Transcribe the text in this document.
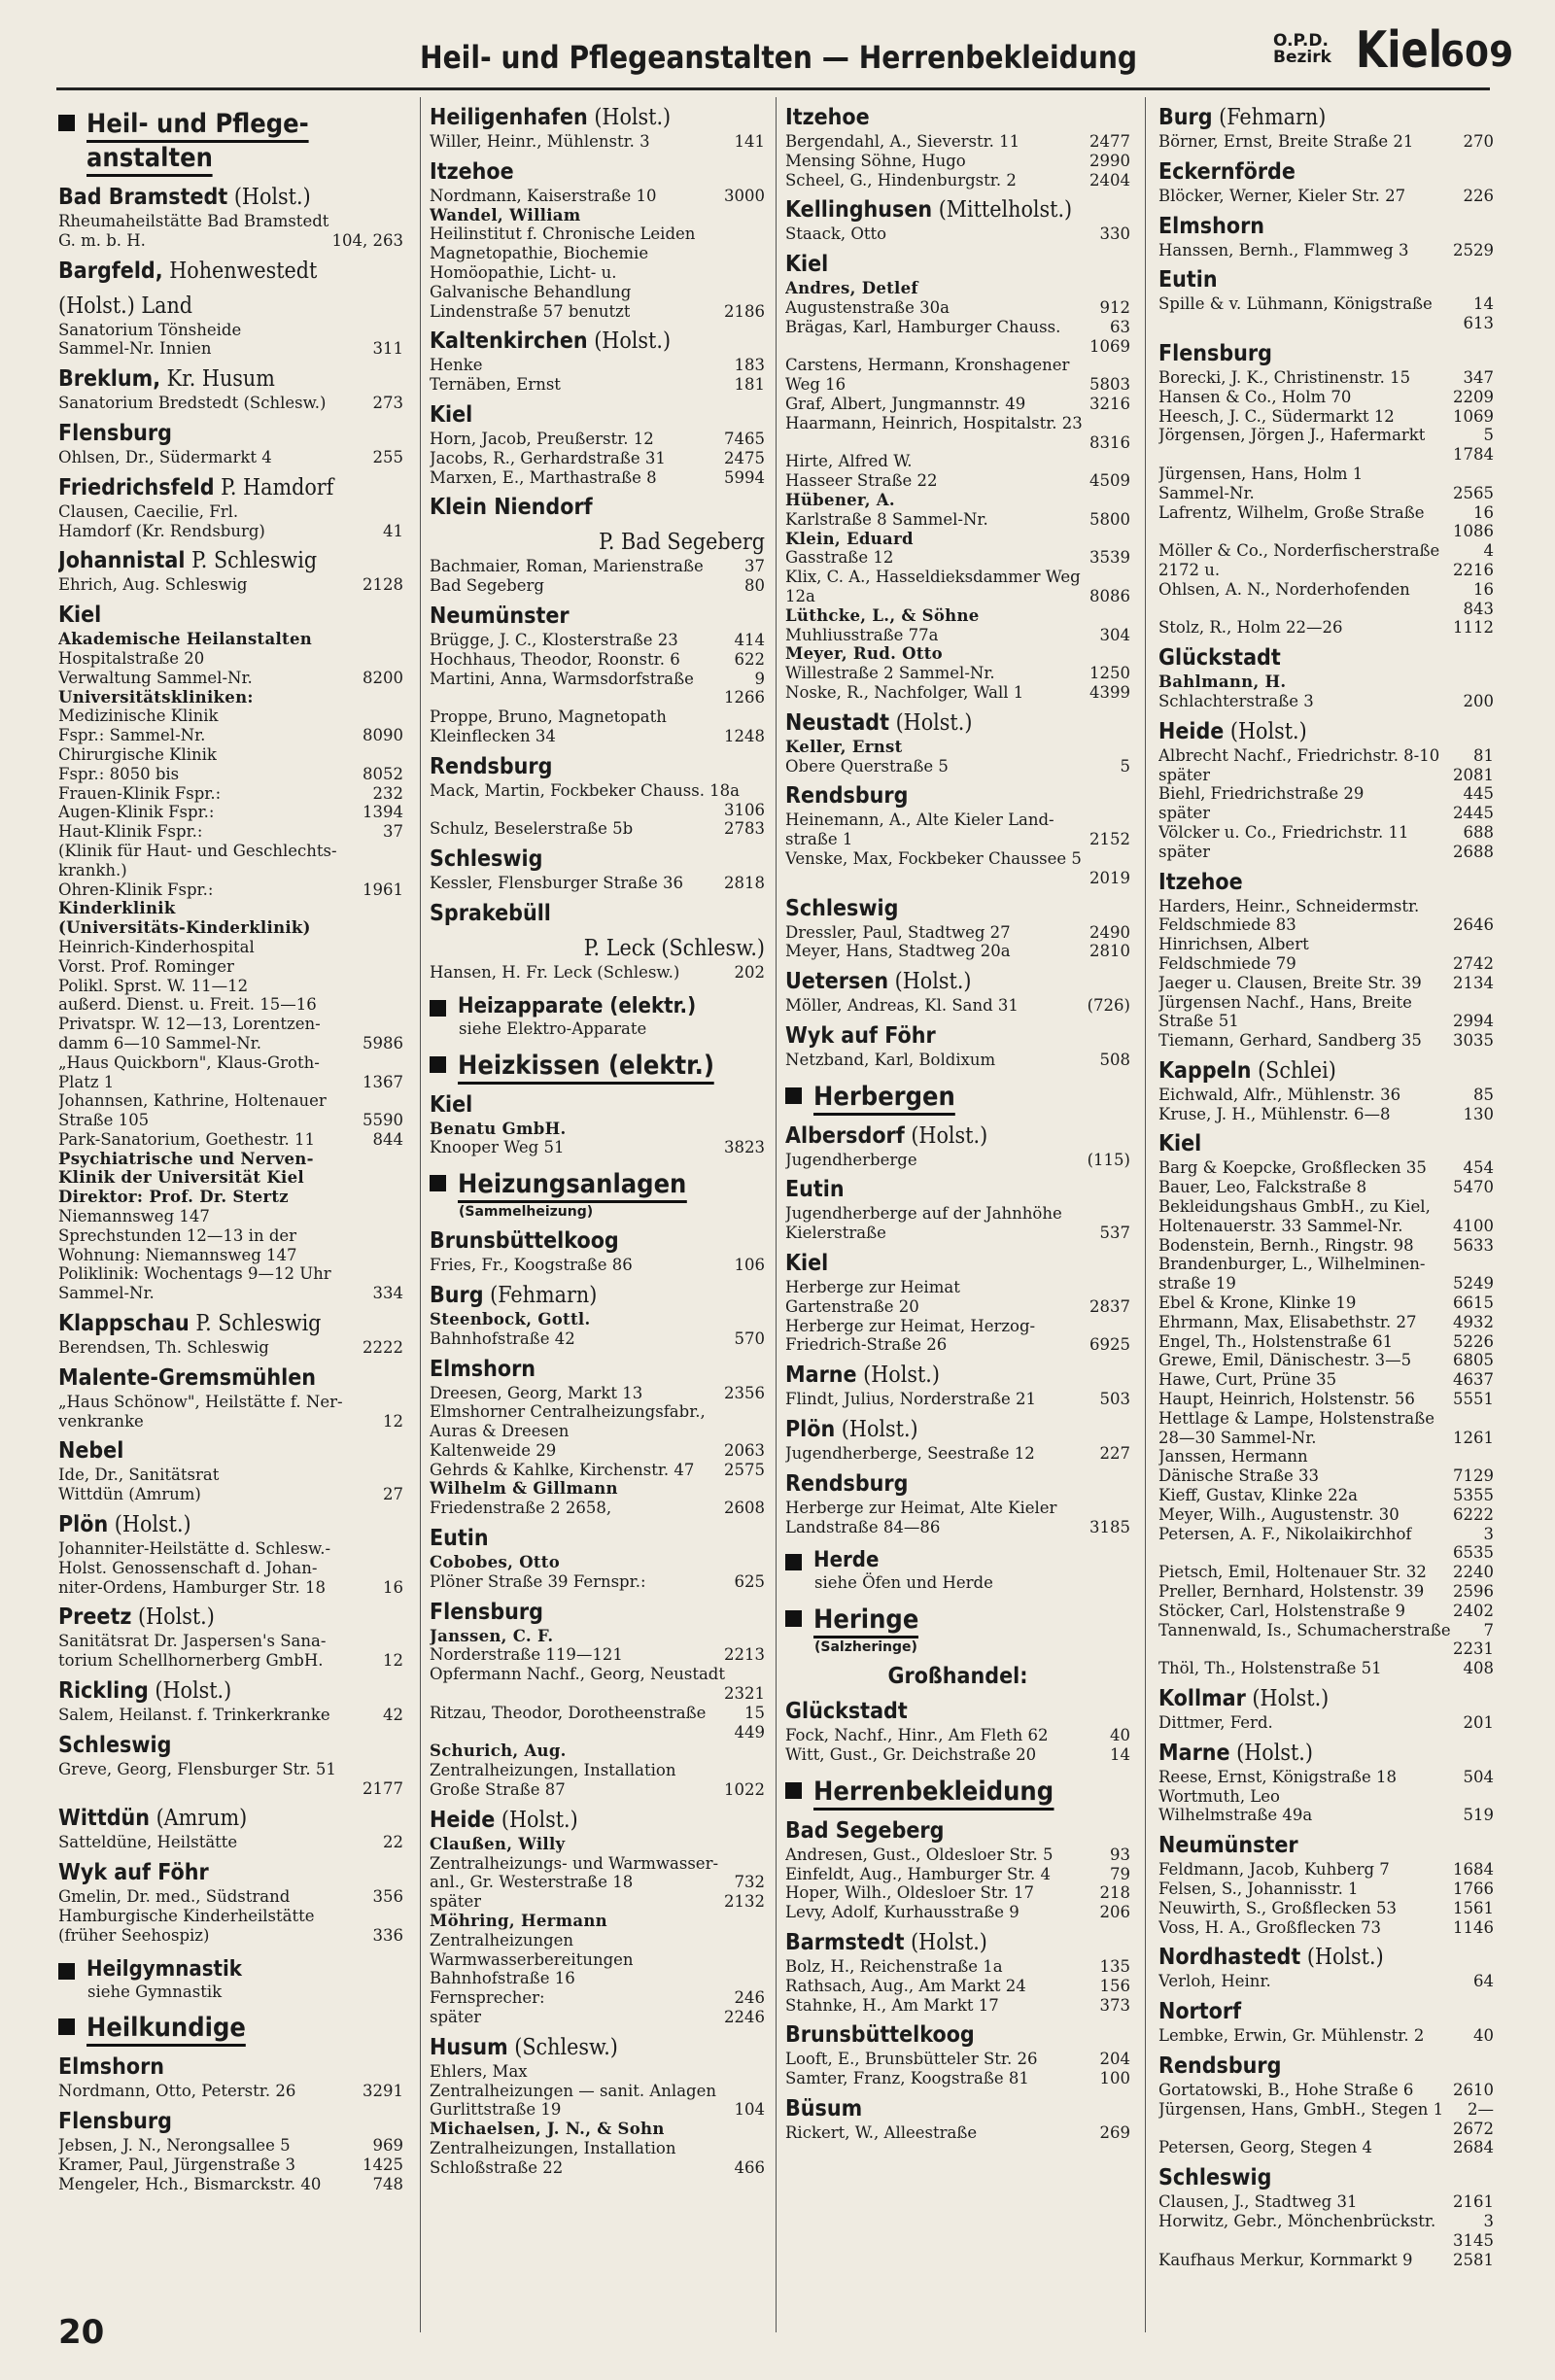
Heil- und Pflegeanstalten — Herrenbekleidung	O.P.D.
Bezirk Kiel
609
Heil- und Pflege-
anstalten
Bad Bramstedt (Holst.)
Rheumaheilstätte Bad Bramstedt
G. m. b. H.	104, 263
Bargfeld, Hohenwestedt
(Holst.) Land
Sanatorium Tönsheide
Sammel-Nr. Innien	311
Breklum, Kr. Husum
Sanatorium Bredstedt (Schlesw.)	273
Flensburg
Ohlsen, Dr., Südermarkt 4	255
Friedrichsfeld P. Hamdorf
Clausen, Caecilie, Frl.
Hamdorf (Kr. Rendsburg)	41
Johannistal P. Schleswig
Ehrich, Aug. Schleswig	2128
Kiel
Akademische Heilanstalten
Hospitalstraße 20
Verwaltung Sammel-Nr.	8200
Universitätskliniken:
Medizinische Klinik
Fspr.: Sammel-Nr.	8090
Chirurgische Klinik
Fspr.: 8050 bis	8052
Frauen-Klinik Fspr.:	232
Augen-Klinik Fspr.:	1394
Haut-Klinik Fspr.:	37
(Klinik für Haut- und Geschlechts-
krankh.)
Ohren-Klinik Fspr.:	1961
Kinderklinik
(Universitäts-Kinderklinik)
Heinrich-Kinderhospital
Vorst. Prof. Rominger
Polikl. Sprst. W. 11—12
außerd. Dienst. u. Freit. 15—16
Privatspr. W. 12—13, Lorentzen-
damm 6—10 Sammel-Nr.	5986
„Haus Quickborn", Klaus-Groth-
Platz 1	1367
Johannsen, Kathrine, Holtenauer
Straße 105	5590
Park-Sanatorium, Goethestr. 11	844
Psychiatrische und Nerven-
Klinik der Universität Kiel
Direktor: Prof. Dr. Stertz
Niemannsweg 147
Sprechstunden 12—13 in der
Wohnung: Niemannsweg 147
Poliklinik: Wochentags 9—12 Uhr
Sammel-Nr.	334
Klappschau P. Schleswig
Berendsen, Th. Schleswig	2222
Malente-Gremsmühlen
„Haus Schönow", Heilstätte f. Ner-
venkranke	12
Nebel
Ide, Dr., Sanitätsrat
Wittdün (Amrum)	27
Plön (Holst.)
Johanniter-Heilstätte d. Schlesw.-
Holst. Genossenschaft d. Johan-
niter-Ordens, Hamburger Str. 18	16
Preetz (Holst.)
Sanitätsrat Dr. Jaspersen's Sana-
torium Schellhornerberg GmbH.	12
Rickling (Holst.)
Salem, Heilanst. f. Trinkerkranke	42
Schleswig
Greve, Georg, Flensburger Str. 51
2177
Wittdün (Amrum)
Satteldüne, Heilstätte	22
Wyk auf Föhr
Gmelin, Dr. med., Südstrand	356
Hamburgische Kinderheilstätte
(früher Seehospiz)	336
Heilgymnastik
siehe Gymnastik
Heilkundige
Elmshorn
Nordmann, Otto, Peterstr. 26	3291
Flensburg
Jebsen, J. N., Nerongsallee 5	969
Kramer, Paul, Jürgenstraße 3	1425
Mengeler, Hch., Bismarckstr. 40	748
Heiligenhafen (Holst.)
Willer, Heinr., Mühlenstr. 3	141
Itzehoe
Nordmann, Kaiserstraße 10	3000
Wandel, William
Heilinstitut f. Chronische Leiden
Magnetopathie, Biochemie
Homöopathie, Licht- u.
Galvanische Behandlung
Lindenstraße 57 benutzt	2186
Kaltenkirchen (Holst.)
Henke	183
Ternäben, Ernst	181
Kiel
Horn, Jacob, Preußerstr. 12	7465
Jacobs, R., Gerhardstraße 31	2475
Marxen, E., Marthastraße 8	5994
Klein Niendorf
P. Bad Segeberg
Bachmaier, Roman, Marienstraße	37
Bad Segeberg	80
Neumünster
Brügge, J. C., Klosterstraße 23	414
Hochhaus, Theodor, Roonstr. 6	622
Martini, Anna, Warmsdorfstraße	9
1266
Proppe, Bruno, Magnetopath
Kleinflecken 34	1248
Rendsburg
Mack, Martin, Fockbeker Chauss. 18a
3106
Schulz, Beselerstraße 5b	2783
Schleswig
Kessler, Flensburger Straße 36	2818
Sprakebüll
P. Leck (Schlesw.)
Hansen, H. Fr. Leck (Schlesw.)	202
Heizapparate (elektr.)
siehe Elektro-Apparate
Heizkissen (elektr.)
Kiel
Benatu GmbH.
Knooper Weg 51	3823
Heizungsanlagen
(Sammelheizung)
Brunsbüttelkoog
Fries, Fr., Koogstraße 86	106
Burg (Fehmarn)
Steenbock, Gottl.
Bahnhofstraße 42	570
Elmshorn
Dreesen, Georg, Markt 13	2356
Elmshorner Centralheizungsfabr.,
Auras & Dreesen
Kaltenweide 29	2063
Gehrds & Kahlke, Kirchenstr. 47 2575
Wilhelm & Gillmann
Friedenstraße 2 2658,	2608
Eutin
Cobobes, Otto
Plöner Straße 39 Fernspr.:	625
Flensburg
Janssen, C. F.
Norderstraße 119—121	2213
Opfermann Nachf., Georg, Neustadt
2321
Ritzau, Theodor, Dorotheenstraße 15
449
Schurich, Aug.
Zentralheizungen, Installation
Große Straße 87	1022
Heide (Holst.)
Claußen, Willy
Zentralheizungs- und Warmwasser-
anl., Gr. Westerstraße 18	732
später	2132
Möhring, Hermann
Zentralheizungen
Warmwasserbereitungen
Bahnhofstraße 16
Fernsprecher:	246
später	2246
Husum (Schlesw.)
Ehlers, Max
Zentralheizungen — sanit. Anlagen
Gurlittstraße 19	104
Michaelsen, J. N., & Sohn
Zentralheizungen, Installation
Schloßstraße 22	466
Itzehoe
Bergendahl, A., Sieverstr. 11	2477
Mensing Söhne, Hugo	2990
Scheel, G., Hindenburgstr. 2	2404
Kellinghusen (Mittelholst.)
Staack, Otto	330
Kiel
Andres, Detlef
Augustenstraße 30a	912
Brägas, Karl, Hamburger Chauss.	63
1069
Carstens, Hermann, Kronshagener
Weg 16	5803
Graf, Albert, Jungmannstr. 49	3216
Haarmann, Heinrich, Hospitalstr. 23
8316
Hirte, Alfred W.
Hasseer Straße 22	4509
Hübener, A.
Karlstraße 8 Sammel-Nr.	5800
Klein, Eduard
Gasstraße 12	3539
Klix, C. A., Hasseldieksdammer Weg
12a	8086
Lüthcke, L., & Söhne
Muhliusstraße 77a	304
Meyer, Rud. Otto
Willestraße 2 Sammel-Nr.	1250
Noske, R., Nachfolger, Wall 1	4399
Neustadt (Holst.)
Keller, Ernst
Obere Querstraße 5	5
Rendsburg
Heinemann, A., Alte Kieler Land-
straße 1	2152
Venske, Max, Fockbeker Chaussee 5
2019
Schleswig
Dressler, Paul, Stadtweg 27	2490
Meyer, Hans, Stadtweg 20a	2810
Uetersen (Holst.)
Möller, Andreas, Kl. Sand 31	(726)
Wyk auf Föhr
Netzband, Karl, Boldixum	508
Herbergen
Albersdorf (Holst.)
Jugendherberge	(115)
Eutin
Jugendherberge auf der Jahnhöhe
Kielerstraße	537
Kiel
Herberge zur Heimat
Gartenstraße 20	2837
Herberge zur Heimat, Herzog-
Friedrich-Straße 26	6925
Marne (Holst.)
Flindt, Julius, Norderstraße 21	503
Plön (Holst.)
Jugendherberge, Seestraße 12	227
Rendsburg
Herberge zur Heimat, Alte Kieler
Landstraße 84—86	3185
Herde
siehe Öfen und Herde
Heringe
(Salzheringe)
Großhandel:
Glückstadt
Fock, Nachf., Hinr., Am Fleth 62	40
Witt, Gust., Gr. Deichstraße 20	14
Herrenbekleidung
Bad Segeberg
Andresen, Gust., Oldesloer Str. 5	93
Einfeldt, Aug., Hamburger Str. 4	79
Hoper, Wilh., Oldesloer Str. 17	218
Levy, Adolf, Kurhausstraße 9	206
Barmstedt (Holst.)
Bolz, H., Reichenstraße 1a	135
Rathsach, Aug., Am Markt 24	156
Stahnke, H., Am Markt 17	373
Brunsbüttelkoog
Looft, E., Brunsbütteler Str. 26	204
Samter, Franz, Koogstraße 81	100
Büsum
Rickert, W., Alleestraße	269
Burg (Fehmarn)
Börner, Ernst, Breite Straße 21	270
Eckernförde
Blöcker, Werner, Kieler Str. 27	226
Elmshorn
Hanssen, Bernh., Flammweg 3	2529
Eutin
Spille & v. Lühmann, Königstraße	14
613
Flensburg
Borecki, J. K., Christinenstr. 15	347
Hansen & Co., Holm 70	2209
Heesch, J. C., Südermarkt 12	1069
Jörgensen, Jörgen J., Hafermarkt	5
1784
Jürgensen, Hans, Holm 1
Sammel-Nr.	2565
Lafrentz, Wilhelm, Große Straße	16
1086
Möller & Co., Norderfischerstraße	4
2172 u.	2216
Ohlsen, A. N., Norderhofenden	16
843
Stolz, R., Holm 22—26	1112
Glückstadt
Bahlmann, H.
Schlachterstraße 3	200
Heide (Holst.)
Albrecht Nachf., Friedrichstr. 8-10 81
später	2081
Biehl, Friedrichstraße 29	445
später	2445
Völcker u. Co., Friedrichstr. 11	688
später	2688
Itzehoe
Harders, Heinr., Schneidermstr.
Feldschmiede 83	2646
Hinrichsen, Albert
Feldschmiede 79	2742
Jaeger u. Clausen, Breite Str. 39 2134
Jürgensen Nachf., Hans, Breite
Straße 51	2994
Tiemann, Gerhard, Sandberg 35 3035
Kappeln (Schlei)
Eichwald, Alfr., Mühlenstr. 36	85
Kruse, J. H., Mühlenstr. 6—8	130
Kiel
Barg & Koepcke, Großflecken 35 454
Bauer, Leo, Falckstraße 8	5470
Bekleidungshaus GmbH., zu Kiel,
Holtenauerstr. 33 Sammel-Nr.	4100
Bodenstein, Bernh., Ringstr. 98 5633
Brandenburger, L., Wilhelminen-
straße 19	5249
Ebel & Krone, Klinke 19	6615
Ehrmann, Max, Elisabethstr. 27 4932
Engel, Th., Holstenstraße 61	5226
Grewe, Emil, Dänischestr. 3—5	6805
Hawe, Curt, Prüne 35	4637
Haupt, Heinrich, Holstenstr. 56 5551
Hettlage & Lampe, Holstenstraße
28—30 Sammel-Nr.	1261
Janssen, Hermann
Dänische Straße 33	7129
Kieff, Gustav, Klinke 22a	5355
Meyer, Wilh., Augustenstr. 30	6222
Petersen, A. F., Nikolaikirchhof	3
6535
Pietsch, Emil, Holtenauer Str. 32 2240
Preller, Bernhard, Holstenstr. 39 2596
Stöcker, Carl, Holstenstraße 9	2402
Tannenwald, Is., Schumacherstraße 7
2231
Thöl, Th., Holstenstraße 51	408
Kollmar (Holst.)
Dittmer, Ferd.	201
Marne (Holst.)
Reese, Ernst, Königstraße 18	504
Wortmuth, Leo
Wilhelmstraße 49a	519
Neumünster
Feldmann, Jacob, Kuhberg 7	1684
Felsen, S., Johannisstr. 1	1766
Neuwirth, S., Großflecken 53	1561
Voss, H. A., Großflecken 73	1146
Nordhastedt (Holst.)
Verloh, Heinr.	64
Nortorf
Lembke, Erwin, Gr. Mühlenstr. 2	40
Rendsburg
Gortatowski, B., Hohe Straße 6 2610
Jürgensen, Hans, GmbH., Stegen 1 2—
2672
Petersen, Georg, Stegen 4	2684
Schleswig
Clausen, J., Stadtweg 31	2161
Horwitz, Gebr., Mönchenbrückstr.	3
3145
Kaufhaus Merkur, Kornmarkt 9	2581
20
